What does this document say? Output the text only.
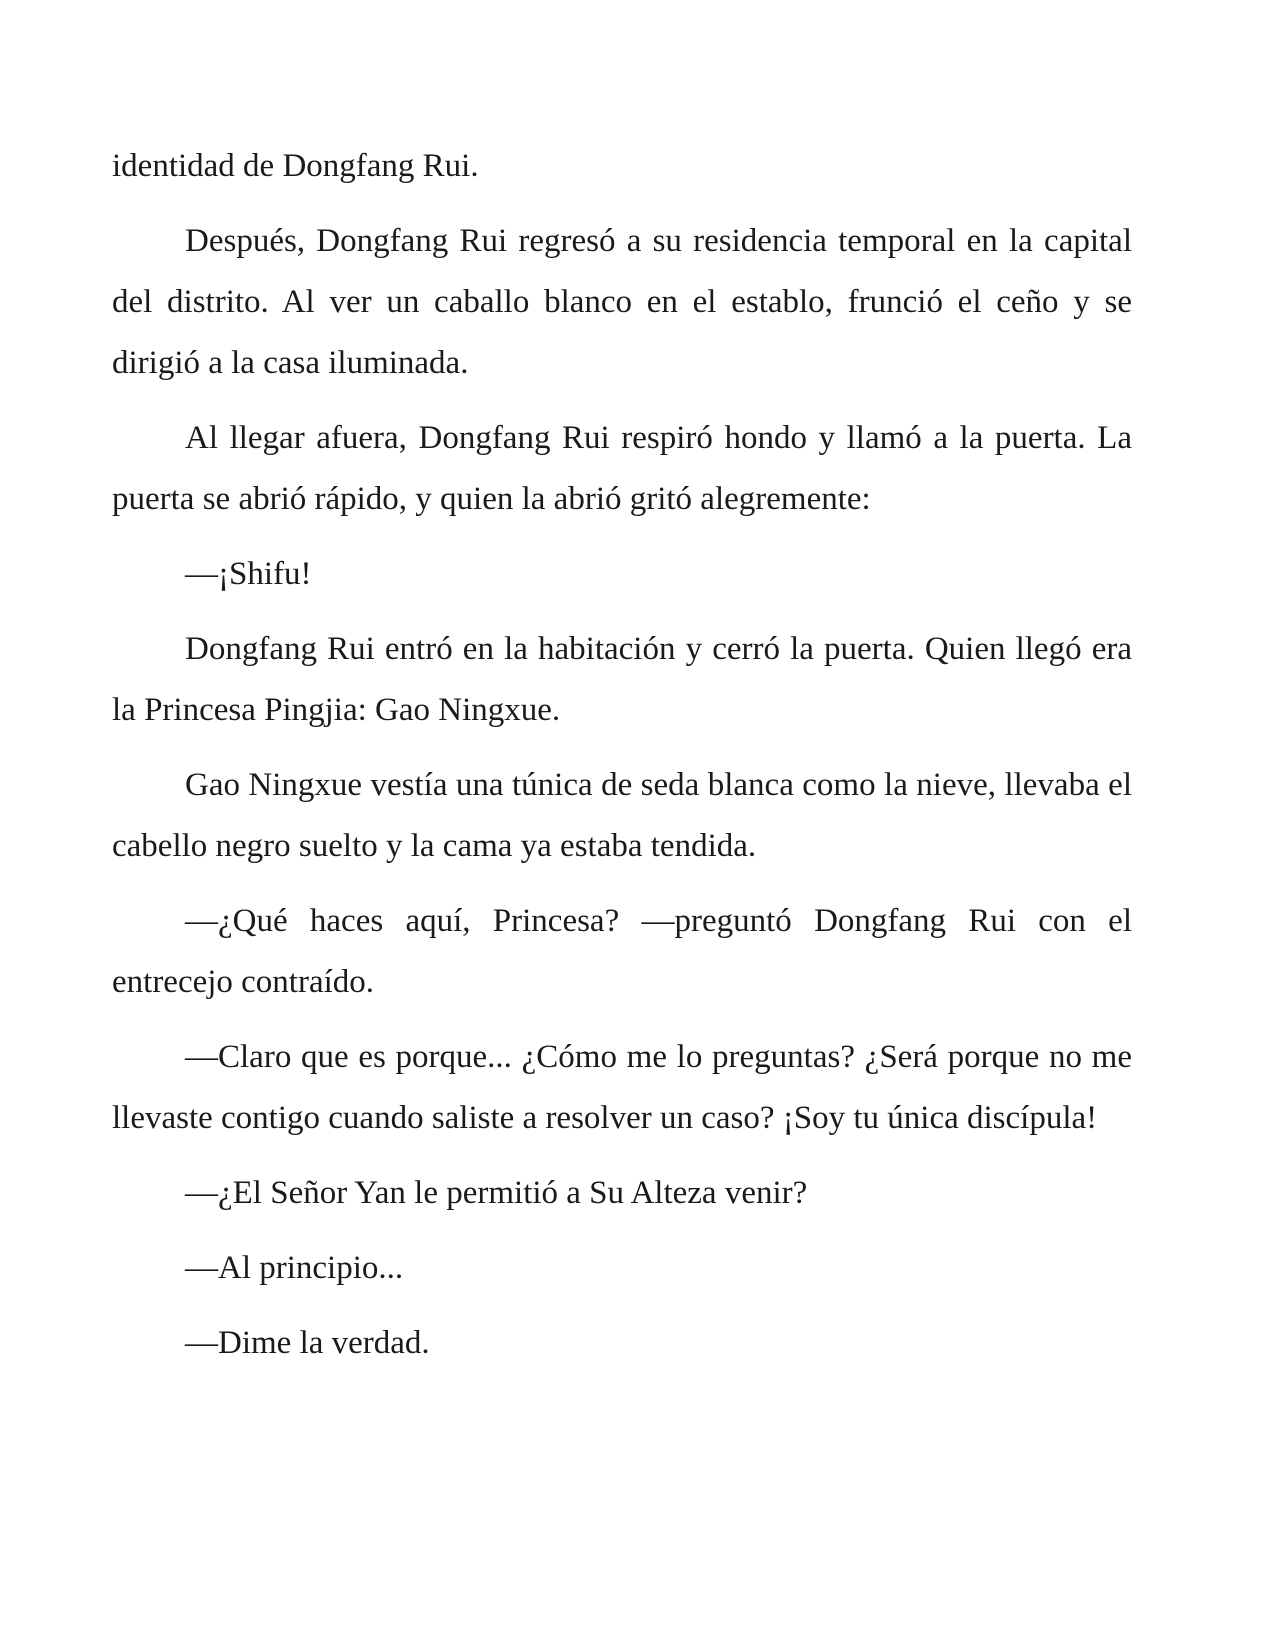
identidad de Dongfang Rui.

Después, Dongfang Rui regresó a su residencia temporal en la capital del distrito. Al ver un caballo blanco en el establo, frunció el ceño y se dirigió a la casa iluminada.

Al llegar afuera, Dongfang Rui respiró hondo y llamó a la puerta. La puerta se abrió rápido, y quien la abrió gritó alegremente:

—¡Shifu!

Dongfang Rui entró en la habitación y cerró la puerta. Quien llegó era la Princesa Pingjia: Gao Ningxue.

Gao Ningxue vestía una túnica de seda blanca como la nieve, llevaba el cabello negro suelto y la cama ya estaba tendida.

—¿Qué haces aquí, Princesa? —preguntó Dongfang Rui con el entrecejo contraído.

—Claro que es porque... ¿Cómo me lo preguntas? ¿Será porque no me llevaste contigo cuando saliste a resolver un caso? ¡Soy tu única discípula!

—¿El Señor Yan le permitió a Su Alteza venir?

—Al principio...

—Dime la verdad.
